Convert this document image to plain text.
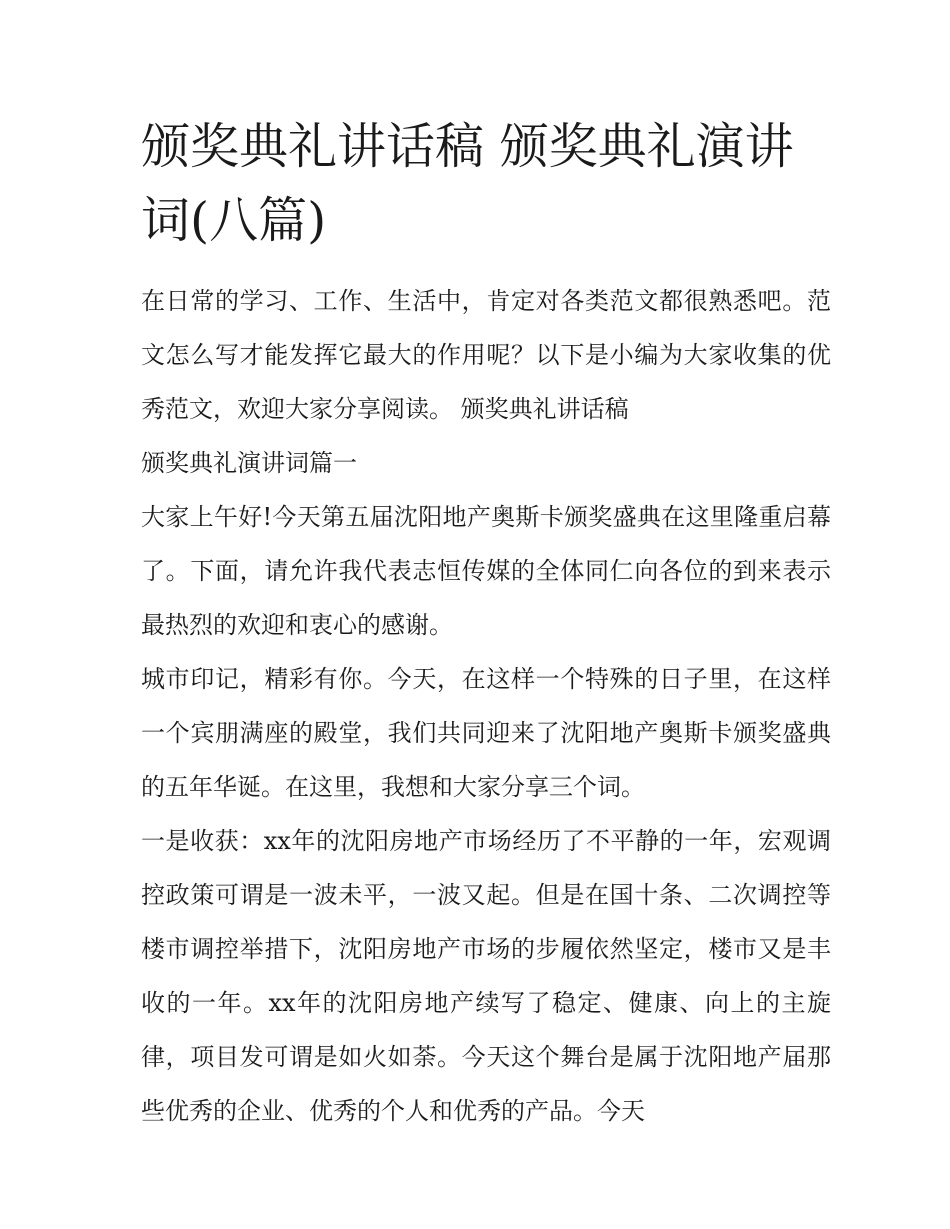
颁奖典礼讲话稿 颁奖典礼演讲
词(八篇)

在日常的学习、工作、生活中，肯定对各类范文都很熟悉吧。范文怎么写才能发挥它最大的作用呢？以下是小编为大家收集的优秀范文，欢迎大家分享阅读。 颁奖典礼讲话稿

颁奖典礼演讲词篇一

大家上午好!今天第五届沈阳地产奥斯卡颁奖盛典在这里隆重启幕了。下面，请允许我代表志恒传媒的全体同仁向各位的到来表示最热烈的欢迎和衷心的感谢。

城市印记，精彩有你。今天，在这样一个特殊的日子里，在这样一个宾朋满座的殿堂，我们共同迎来了沈阳地产奥斯卡颁奖盛典的五年华诞。在这里，我想和大家分享三个词。

一是收获：xx年的沈阳房地产市场经历了不平静的一年，宏观调控政策可谓是一波未平，一波又起。但是在国十条、二次调控等楼市调控举措下，沈阳房地产市场的步履依然坚定，楼市又是丰收的一年。xx年的沈阳房地产续写了稳定、健康、向上的主旋律，项目发可谓是如火如荼。今天这个舞台是属于沈阳地产届那些优秀的企业、优秀的个人和优秀的产品。今天
